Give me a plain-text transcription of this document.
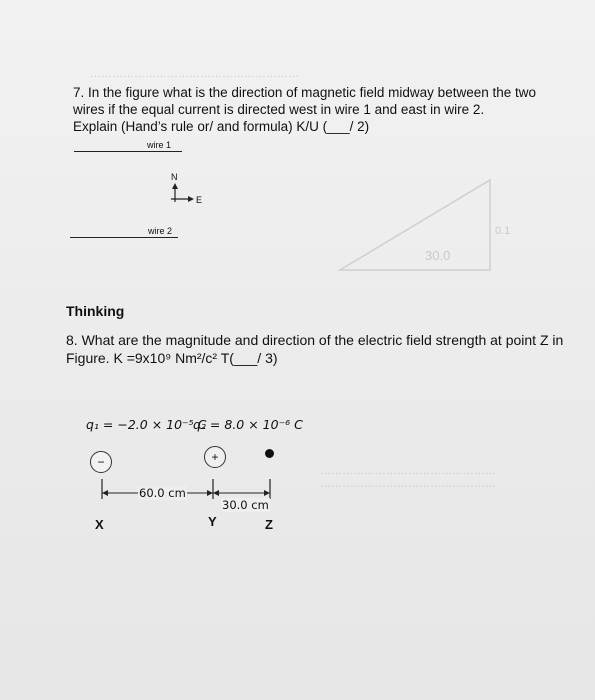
…………………………………………………
30.0
0.1
7. In the figure what is the direction of magnetic field midway between the two
wires if the equal current is directed west in wire 1 and east in wire 2.
Explain (Hand’s rule or/ and formula) K/U (___/ 2)
wire 1
N
E
wire 2
Thinking
8. What are the magnitude and direction of the electric field strength at point Z in
Figure. K =9x10⁹ Nm²/c² T(___/ 3)
q₁ = −2.0 × 10⁻⁵ C
q₂ = 8.0 × 10⁻⁶ C
−	+
60.0 cm
30.0 cm
X	Y	Z
…………………………………………
…………………………………………
